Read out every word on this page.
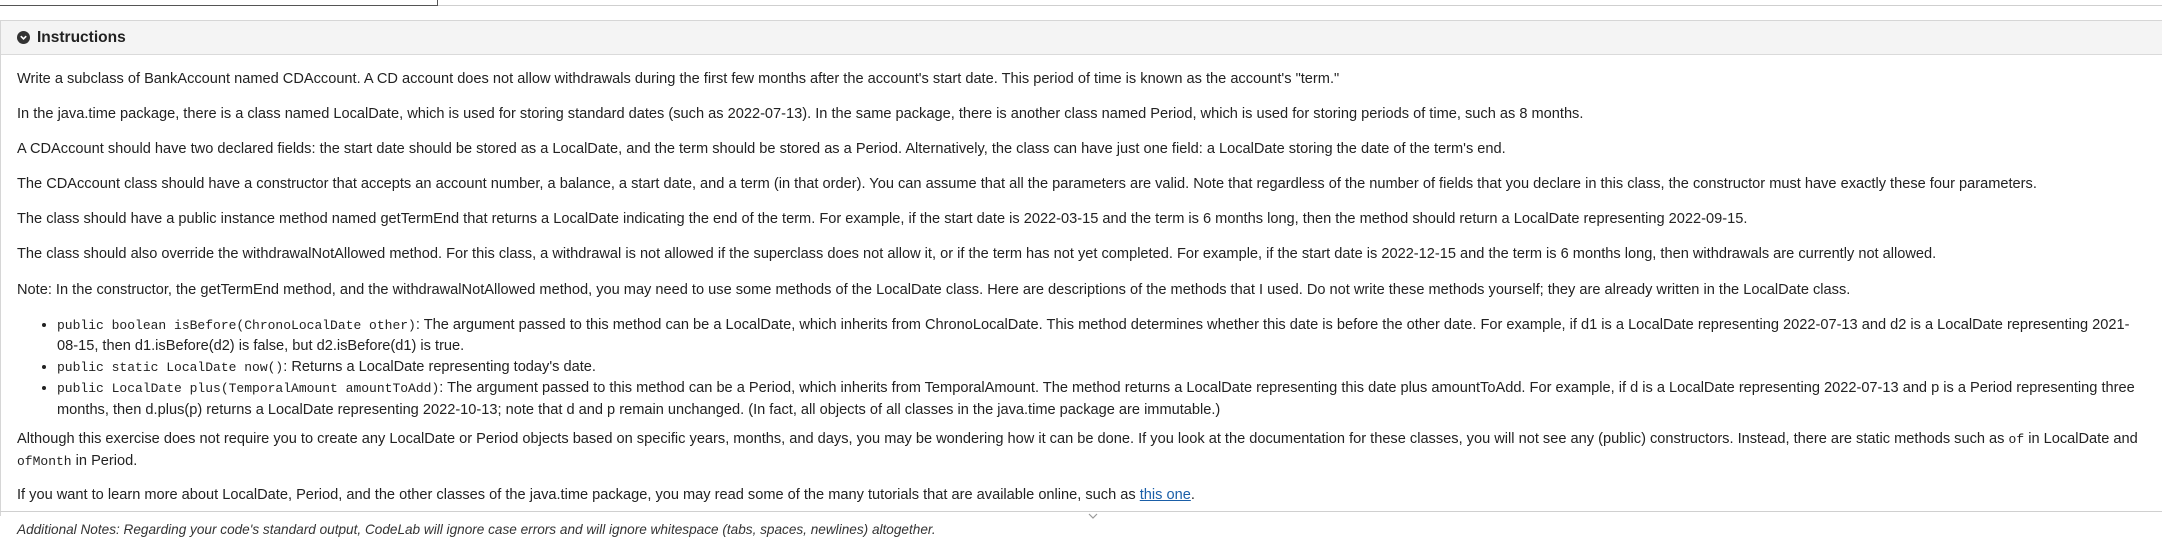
Instructions

Write a subclass of BankAccount named CDAccount. A CD account does not allow withdrawals during the first few months after the account's start date. This period of time is known as the account's "term."

In the java.time package, there is a class named LocalDate, which is used for storing standard dates (such as 2022-07-13). In the same package, there is another class named Period, which is used for storing periods of time, such as 8 months.

A CDAccount should have two declared fields: the start date should be stored as a LocalDate, and the term should be stored as a Period. Alternatively, the class can have just one field: a LocalDate storing the date of the term's end.

The CDAccount class should have a constructor that accepts an account number, a balance, a start date, and a term (in that order). You can assume that all the parameters are valid. Note that regardless of the number of fields that you declare in this class, the constructor must have exactly these four parameters.

The class should have a public instance method named getTermEnd that returns a LocalDate indicating the end of the term. For example, if the start date is 2022-03-15 and the term is 6 months long, then the method should return a LocalDate representing 2022-09-15.

The class should also override the withdrawalNotAllowed method. For this class, a withdrawal is not allowed if the superclass does not allow it, or if the term has not yet completed. For example, if the start date is 2022-12-15 and the term is 6 months long, then withdrawals are currently not allowed.

Note: In the constructor, the getTermEnd method, and the withdrawalNotAllowed method, you may need to use some methods of the LocalDate class. Here are descriptions of the methods that I used. Do not write these methods yourself; they are already written in the LocalDate class.

• public boolean isBefore(ChronoLocalDate other): The argument passed to this method can be a LocalDate, which inherits from ChronoLocalDate. This method determines whether this date is before the other date. For example, if d1 is a LocalDate representing 2022-07-13 and d2 is a LocalDate representing 2021-08-15, then d1.isBefore(d2) is false, but d2.isBefore(d1) is true.
• public static LocalDate now(): Returns a LocalDate representing today's date.
• public LocalDate plus(TemporalAmount amountToAdd): The argument passed to this method can be a Period, which inherits from TemporalAmount. The method returns a LocalDate representing this date plus amountToAdd. For example, if d is a LocalDate representing 2022-07-13 and p is a Period representing three months, then d.plus(p) returns a LocalDate representing 2022-10-13; note that d and p remain unchanged. (In fact, all objects of all classes in the java.time package are immutable.)

Although this exercise does not require you to create any LocalDate or Period objects based on specific years, months, and days, you may be wondering how it can be done. If you look at the documentation for these classes, you will not see any (public) constructors. Instead, there are static methods such as of in LocalDate and ofMonth in Period.

If you want to learn more about LocalDate, Period, and the other classes of the java.time package, you may read some of the many tutorials that are available online, such as this one.

Additional Notes: Regarding your code's standard output, CodeLab will ignore case errors and will ignore whitespace (tabs, spaces, newlines) altogether.
